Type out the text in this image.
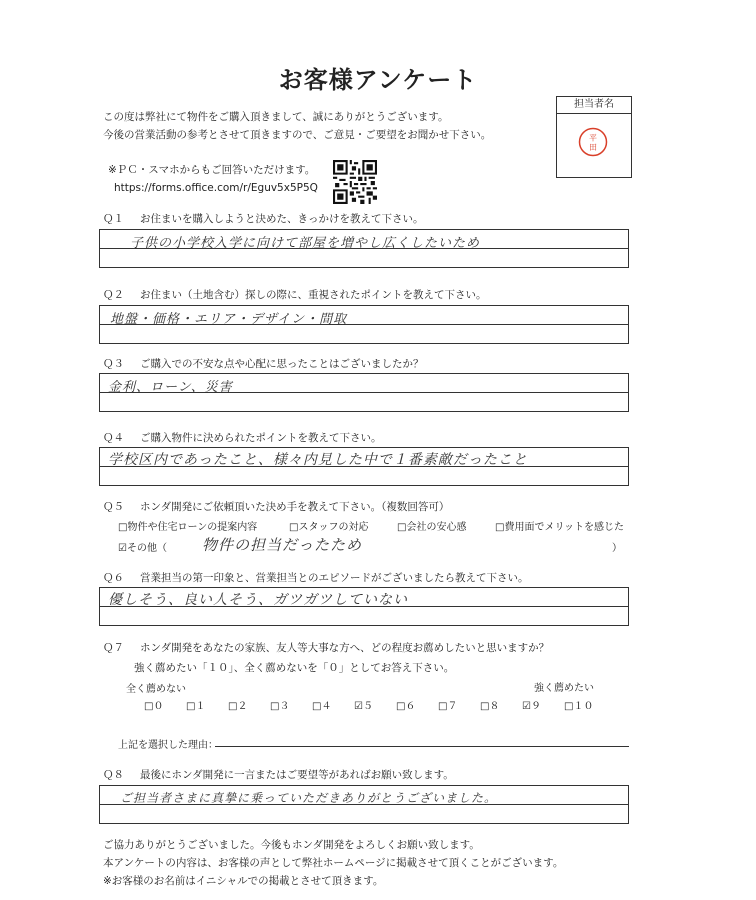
お客様アンケート
この度は弊社にて物件をご購入頂きまして、誠にありがとうございます。
今後の営業活動の参考とさせて頂きますので、ご意見・ご要望をお聞かせ下さい。
※ＰＣ・スマホからもご回答いただけます。
https://forms.office.com/r/Eguv5x5P5Q
担当者名
平
田
Ｑ１ お住まいを購入しようと決めた、きっかけを教えて下さい。
子供の小学校入学に向けて部屋を増やし広くしたいため
Ｑ２ お住まい（土地含む）探しの際に、重視されたポイントを教えて下さい。
地盤・価格・エリア・デザイン・間取
Ｑ３ ご購入での不安な点や心配に思ったことはございましたか？
金利、ローン、災害
Ｑ４ ご購入物件に決められたポイントを教えて下さい。
学校区内であったこと、様々内見した中で１番素敵だったこと
Ｑ５ ホンダ開発にご依頼頂いた決め手を教えて下さい。（複数回答可）
□物件や住宅ローンの提案内容	□スタッフの対応	□会社の安心感	□費用面でメリットを感じた
☑その他（ 物件の担当だったため	）
Ｑ６ 営業担当の第一印象と、営業担当とのエピソードがございましたら教えて下さい。
優しそう、良い人そう、ガツガツしていない
Ｑ７ ホンダ開発をあなたの家族、友人等大事な方へ、どの程度お薦めしたいと思いますか？
強く薦めたい「１０」、全く薦めないを「０」としてお答え下さい。
全く薦めない	強く薦めたい
□０ □１ □２ □３ □４ ☑５ □６ □７ □８ ☑９ □１０
上記を選択した理由：
Ｑ８ 最後にホンダ開発に一言またはご要望等があればお願い致します。
ご担当者さまに真摯に乗っていただきありがとうございました。
ご協力ありがとうございました。今後もホンダ開発をよろしくお願い致します。
本アンケートの内容は、お客様の声として弊社ホームページに掲載させて頂くことがございます。
※お客様のお名前はイニシャルでの掲載とさせて頂きます。
